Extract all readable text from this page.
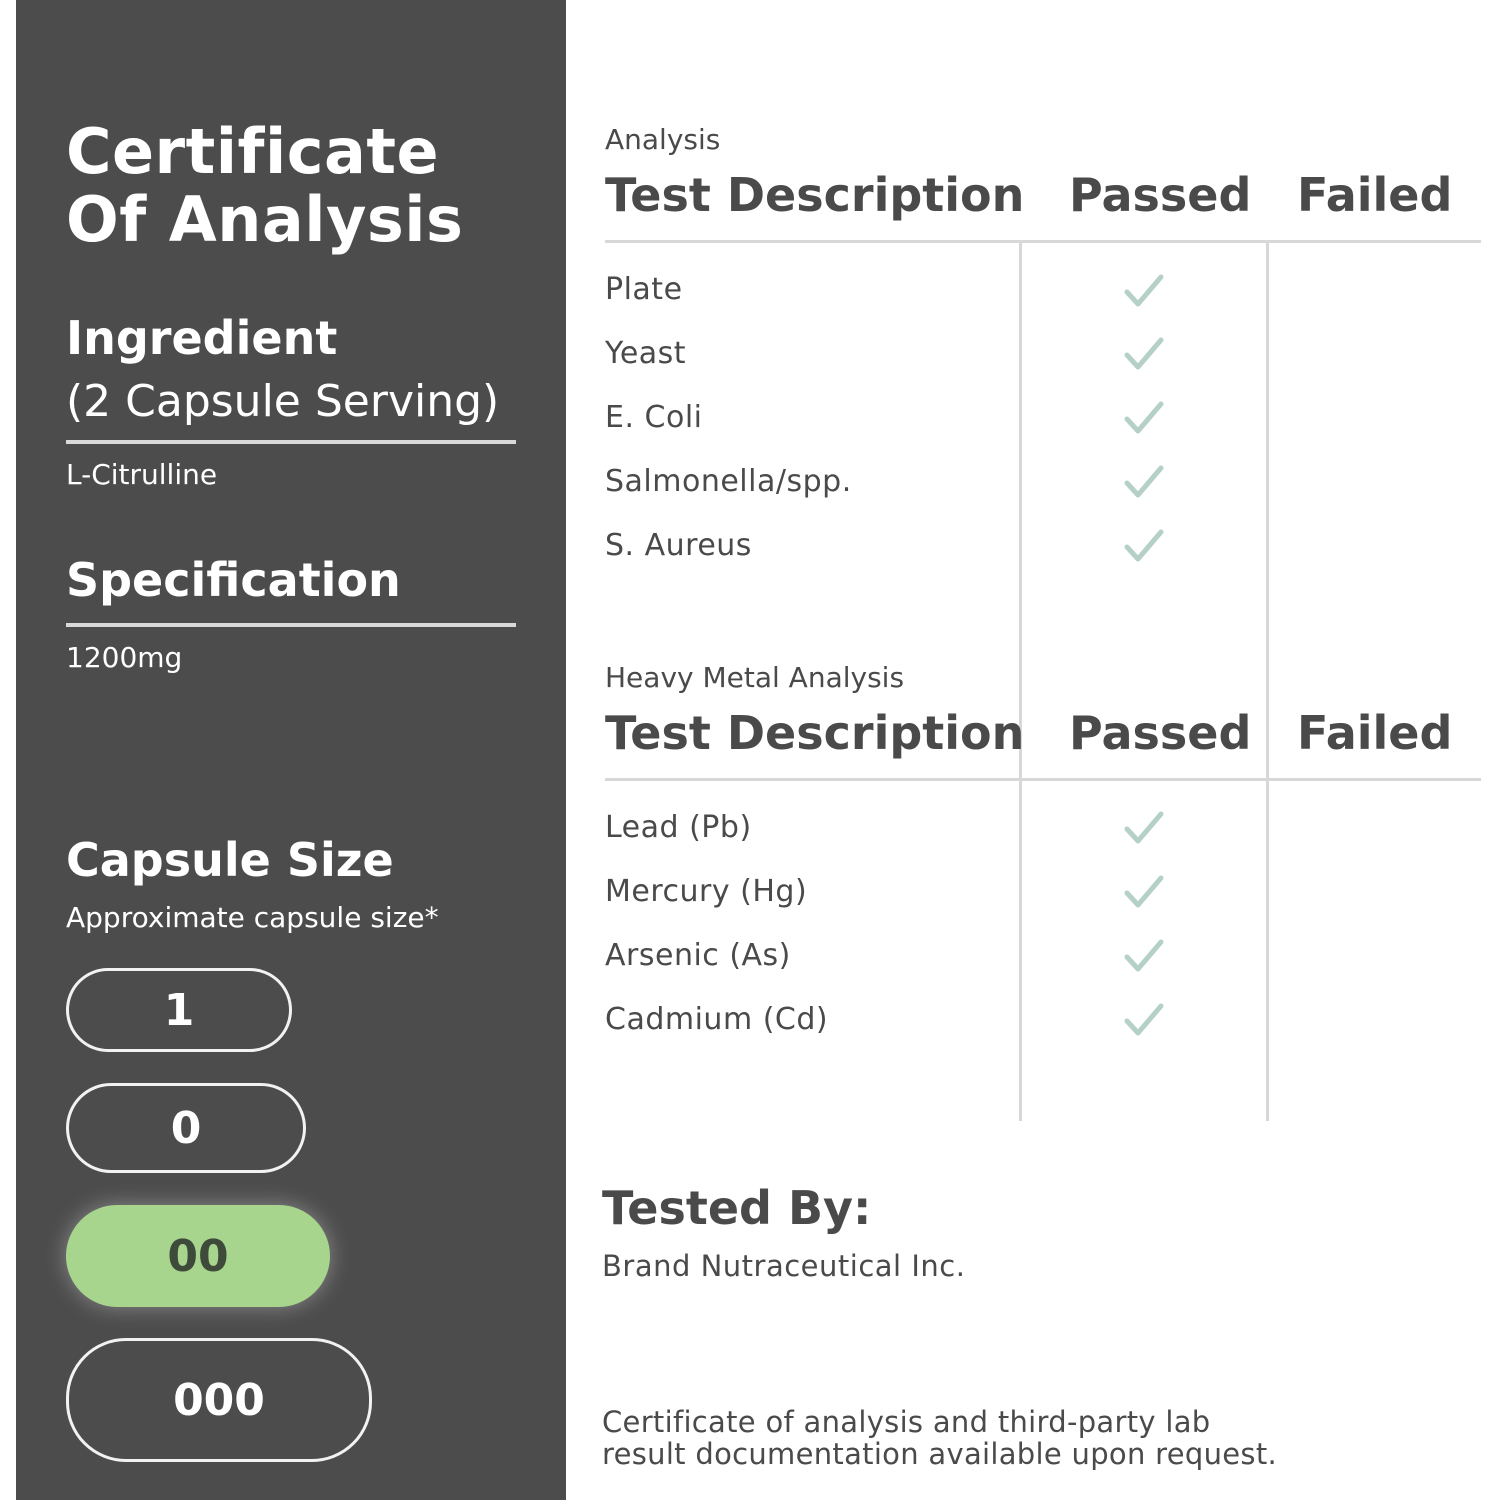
Certificate
Of Analysis
Ingredient
(2 Capsule Serving)
L-Citrulline
Specification
1200mg
Capsule Size
Approximate capsule size*
1
0
00
000
Analysis
Test Description Passed Failed
Plate
Yeast
E. Coli
Salmonella/spp.
S. Aureus
Heavy Metal Analysis
Test Description Passed Failed
Lead (Pb)
Mercury (Hg)
Arsenic (As)
Cadmium (Cd)
Tested By:
Brand Nutraceutical Inc.
Certificate of analysis and third-party lab
result documentation available upon request.
